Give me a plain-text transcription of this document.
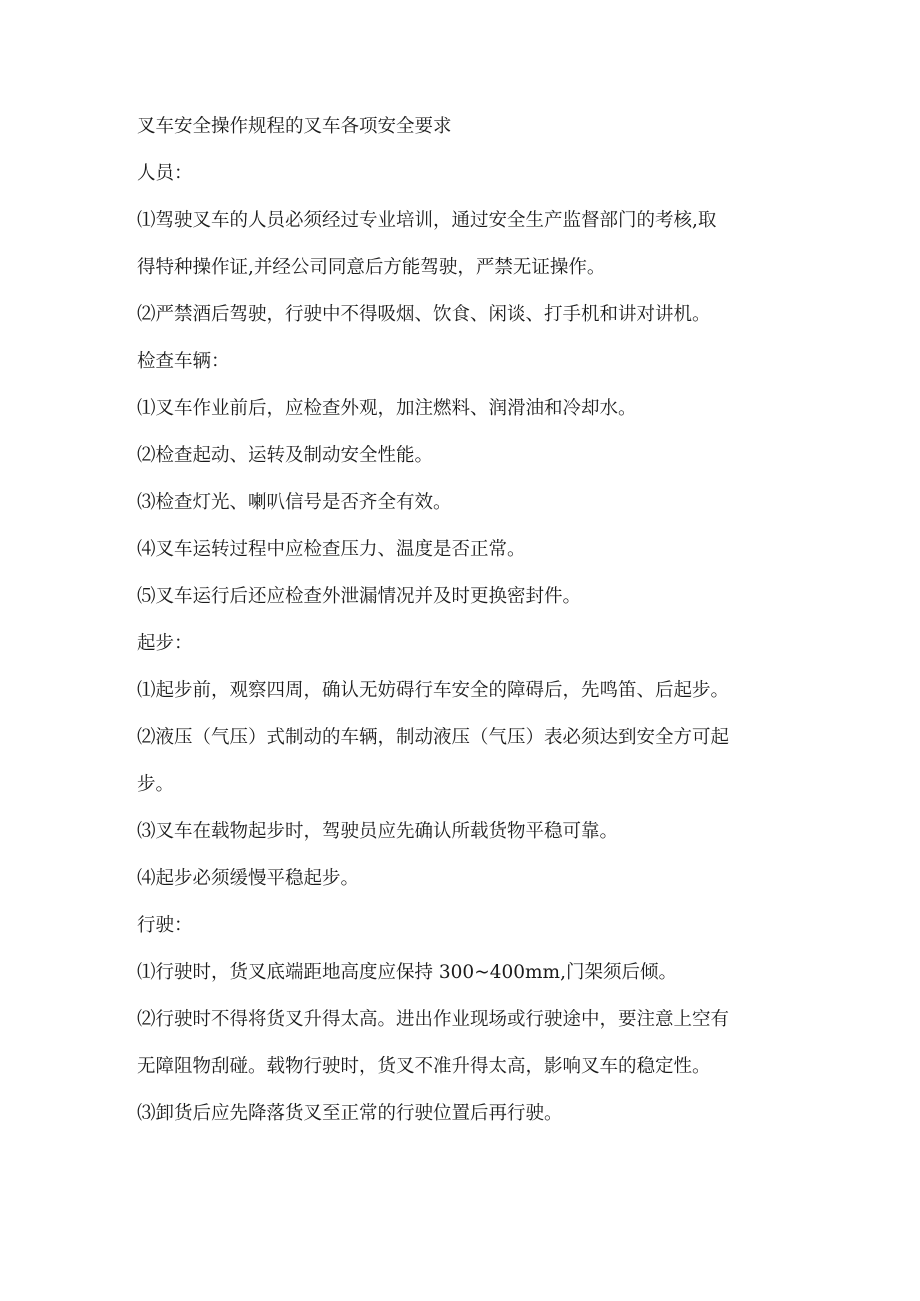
叉车安全操作规程的叉车各项安全要求
人员：
⑴驾驶叉车的人员必须经过专业培训，通过安全生产监督部门的考核,取
得特种操作证,并经公司同意后方能驾驶，严禁无证操作。
⑵严禁酒后驾驶，行驶中不得吸烟、饮食、闲谈、打手机和讲对讲机。
检查车辆：
⑴叉车作业前后，应检查外观，加注燃料、润滑油和冷却水。
⑵检查起动、运转及制动安全性能。
⑶检查灯光、喇叭信号是否齐全有效。
⑷叉车运转过程中应检查压力、温度是否正常。
⑸叉车运行后还应检查外泄漏情况并及时更换密封件。
起步：
⑴起步前，观察四周，确认无妨碍行车安全的障碍后，先鸣笛、后起步。
⑵液压（气压）式制动的车辆，制动液压（气压）表必须达到安全方可起
步。
⑶叉车在载物起步时，驾驶员应先确认所载货物平稳可靠。
⑷起步必须缓慢平稳起步。
行驶：
⑴行驶时，货叉底端距地高度应保持 300~400mm,门架须后倾。
⑵行驶时不得将货叉升得太高。进出作业现场或行驶途中，要注意上空有
无障阻物刮碰。载物行驶时，货叉不准升得太高，影响叉车的稳定性。
⑶卸货后应先降落货叉至正常的行驶位置后再行驶。
